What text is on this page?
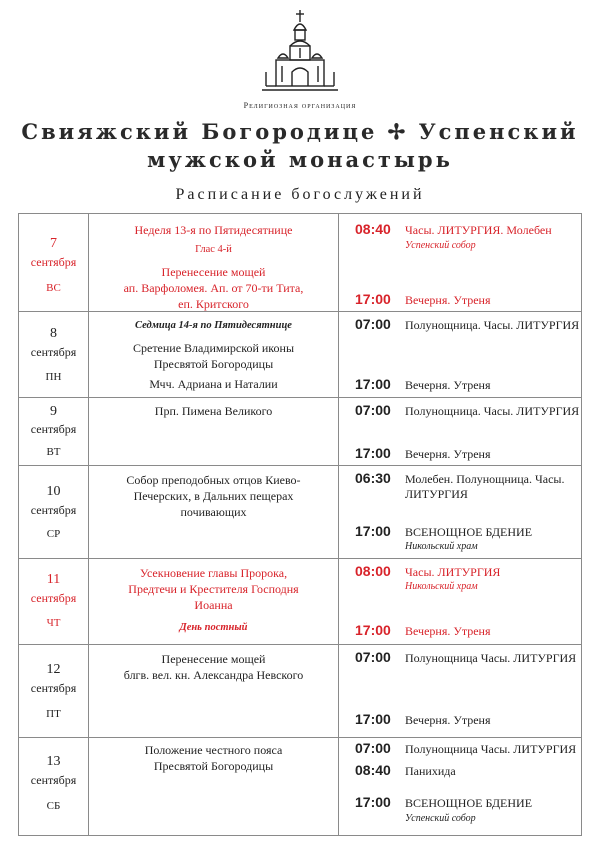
Религиозная организация
Свияжский Богородице ✢ Успенский
мужской монастырь
Расписание богослужений
7
сентября
ВС
Неделя 13-я по Пятидесятнице
Глас 4-й
Перенесение мощей
ап. Варфоломея. Ап. от 70-ти Тита,
еп. Критского
08:40 Часы. ЛИТУРГИЯ. Молебен
Успенский собор
17:00 Вечерня. Утреня
8
сентября
ПН
Седмица 14-я по Пятидесятнице
Сретение Владимирской иконы
Пресвятой Богородицы
Мчч. Адриана и Наталии
07:00 Полунощница. Часы. ЛИТУРГИЯ
17:00 Вечерня. Утреня
9
сентября
ВТ
Прп. Пимена Великого	07:00 Полунощница. Часы. ЛИТУРГИЯ
17:00 Вечерня. Утреня
10
сентября
СР
Собор преподобных отцов Киево-
Печерских, в Дальних пещерах
почивающих
06:30 Молебен. Полунощница. Часы.
ЛИТУРГИЯ
17:00 ВСЕНОЩНОЕ БДЕНИЕ
Никольский храм
11
сентября
ЧТ
Усекновение главы Пророка,
Предтечи и Крестителя Господня
Иоанна
День постный
08:00 Часы. ЛИТУРГИЯ
Никольский храм
17:00 Вечерня. Утреня
12
сентября
ПТ
Перенесение мощей
блгв. вел. кн. Александра Невского
07:00 Полунощница Часы. ЛИТУРГИЯ
17:00 Вечерня. Утреня
13
сентября
СБ
Положение честного пояса
Пресвятой Богородицы
07:00 Полунощница Часы. ЛИТУРГИЯ
08:40 Панихида
17:00 ВСЕНОЩНОЕ БДЕНИЕ
Успенский собор
